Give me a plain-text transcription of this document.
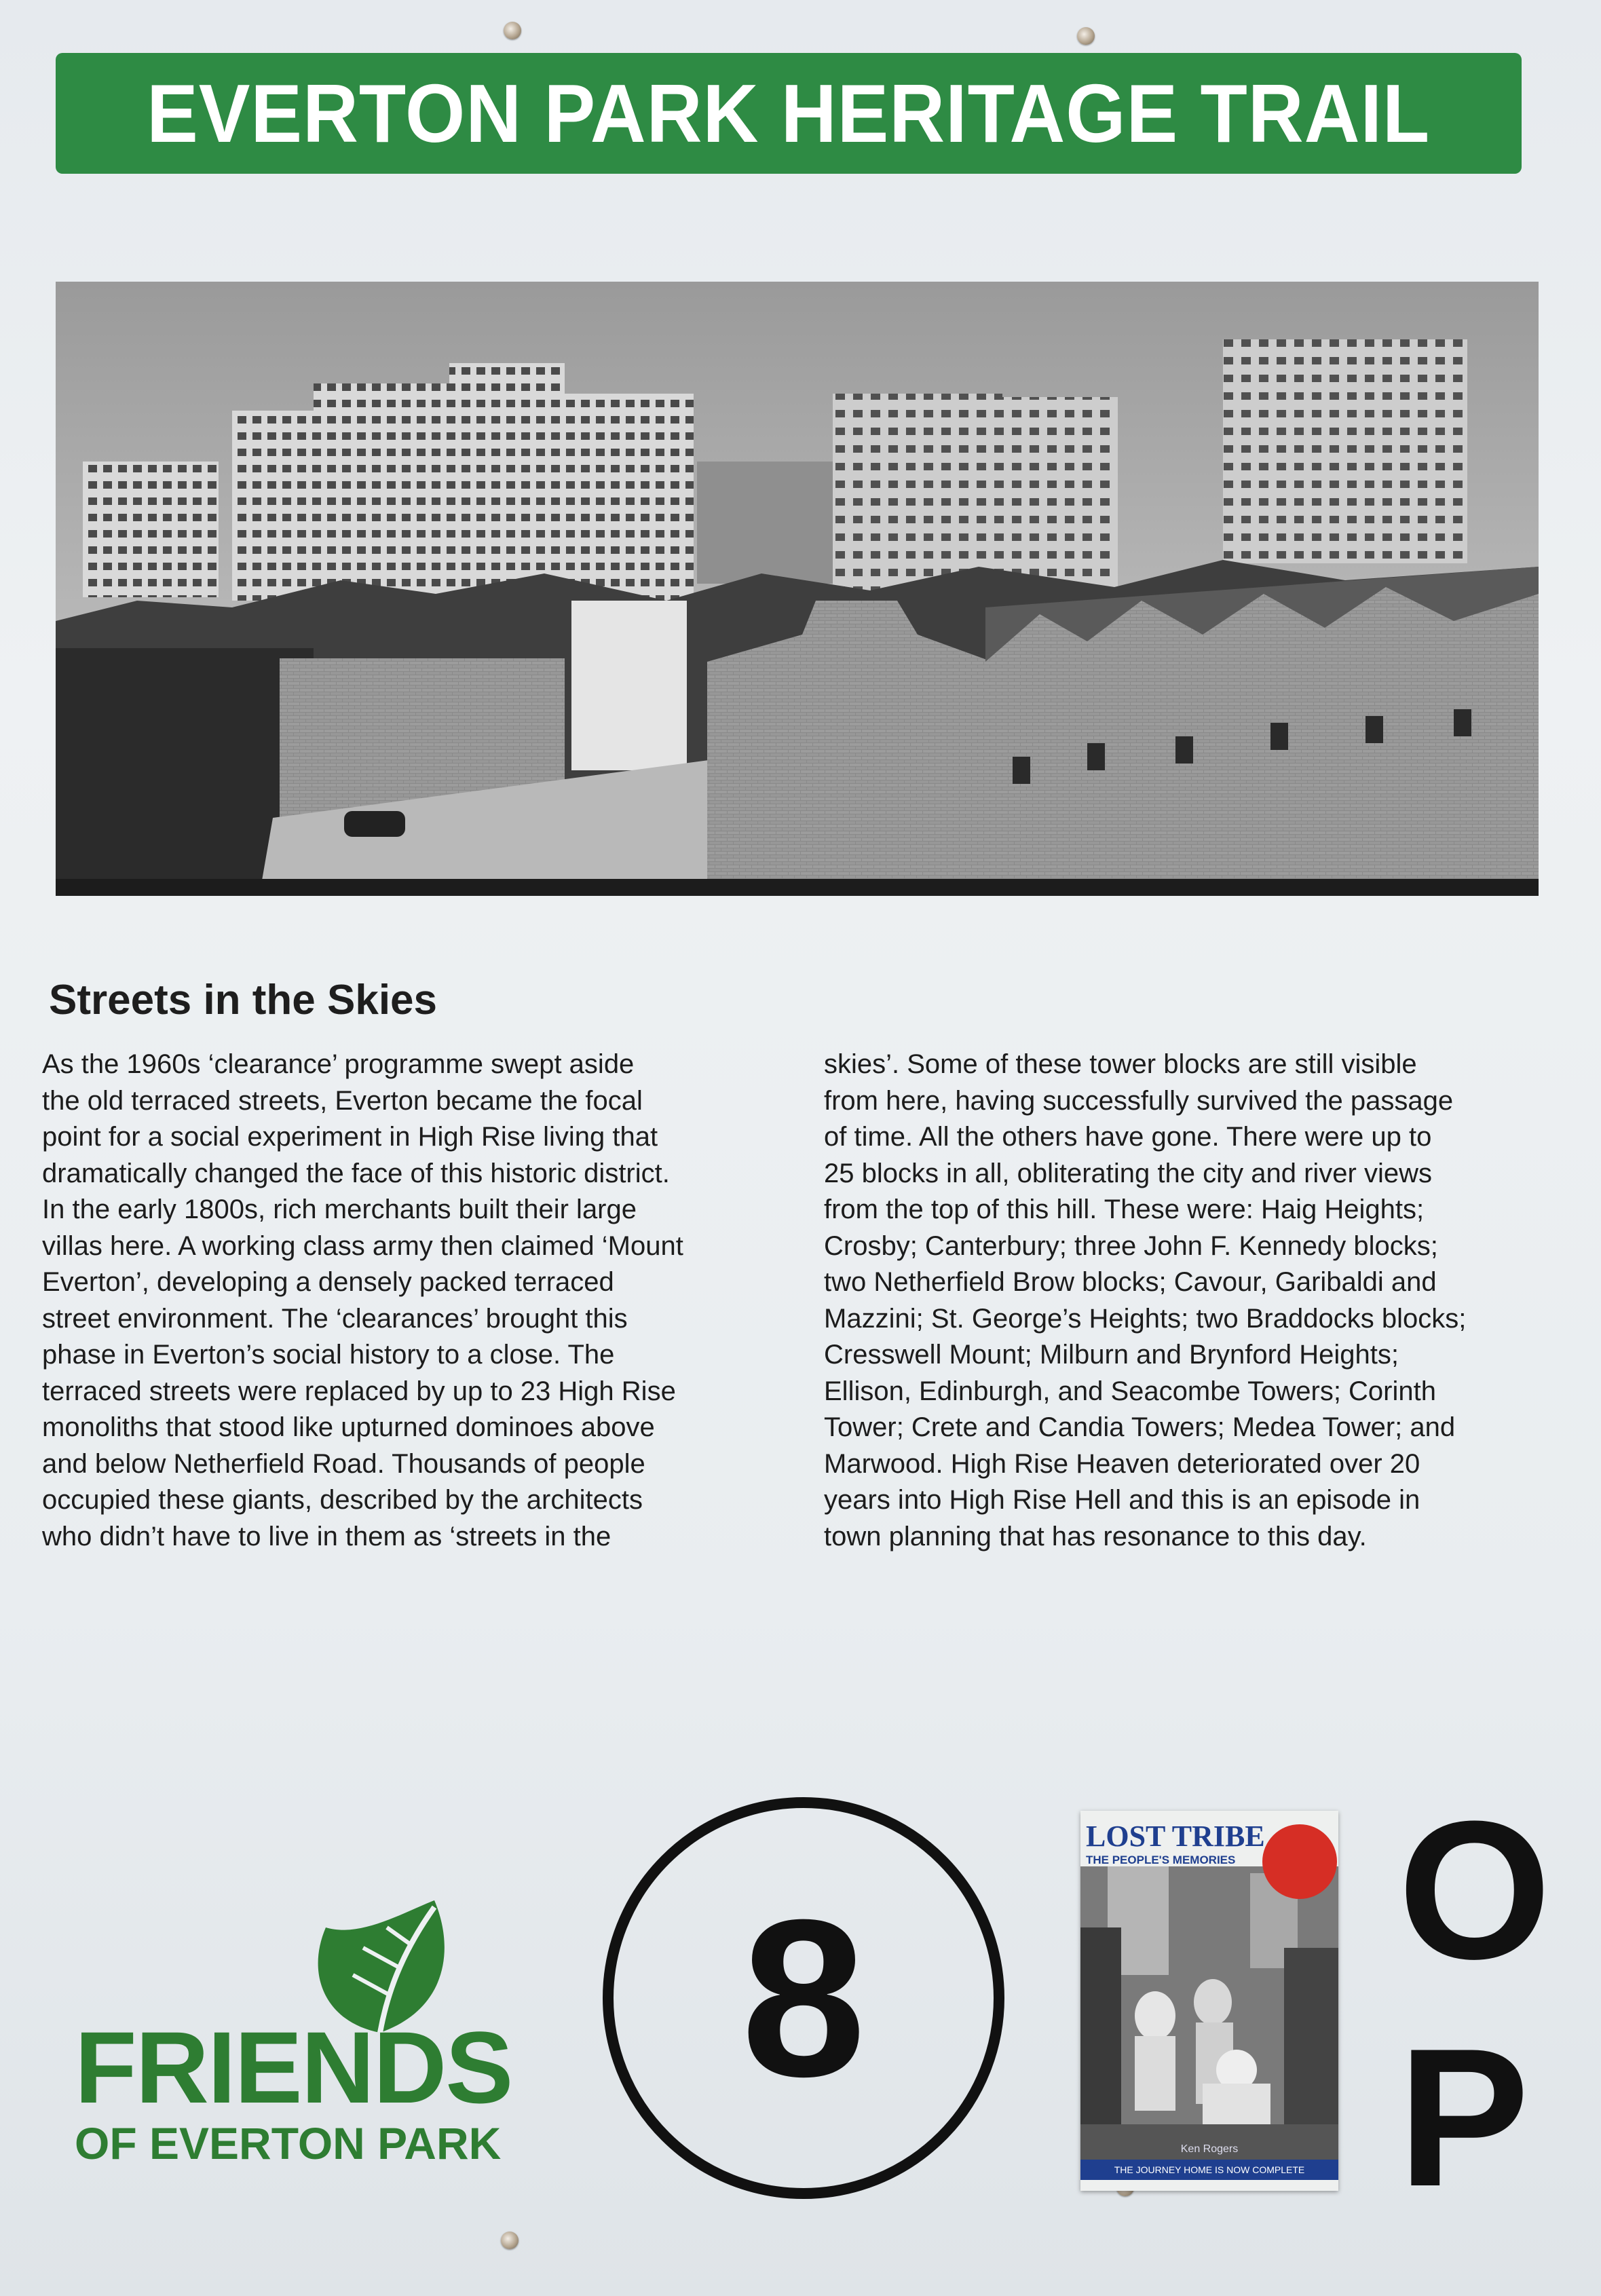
EVERTON PARK HERITAGE TRAIL
Streets in the Skies
As the 1960s ‘clearance’ programme swept aside
the old terraced streets, Everton became the focal
point for a social experiment in High Rise living that
dramatically changed the face of this historic district.
In the early 1800s, rich merchants built their large
villas here. A working class army then claimed ‘Mount
Everton’, developing a densely packed terraced
street environment. The ‘clearances’ brought this
phase in Everton’s social history to a close. The
terraced streets were replaced by up to 23 High Rise
monoliths that stood like upturned dominoes above
and below Netherfield Road. Thousands of people
occupied these giants, described by the architects
who didn’t have to live in them as ‘streets in the
skies’. Some of these tower blocks are still visible
from here, having successfully survived the passage
of time. All the others have gone. There were up to
25 blocks in all, obliterating the city and river views
from the top of this hill. These were: Haig Heights;
Crosby; Canterbury; three John F. Kennedy blocks;
two Netherfield Brow blocks; Cavour, Garibaldi and
Mazzini; St. George’s Heights; two Braddocks blocks;
Cresswell Mount; Milburn and Brynford Heights;
Ellison, Edinburgh, and Seacombe Towers; Corinth
Tower; Crete and Candia Towers; Medea Tower; and
Marwood. High Rise Heaven deteriorated over 20
years into High Rise Hell and this is an episode in
town planning that has resonance to this day.
FRIENDS
OF EVERTON PARK
8
LOST TRIBE
THE PEOPLE'S MEMORIES
Ken Rogers
THE JOURNEY HOME IS NOW COMPLETE
O
P
